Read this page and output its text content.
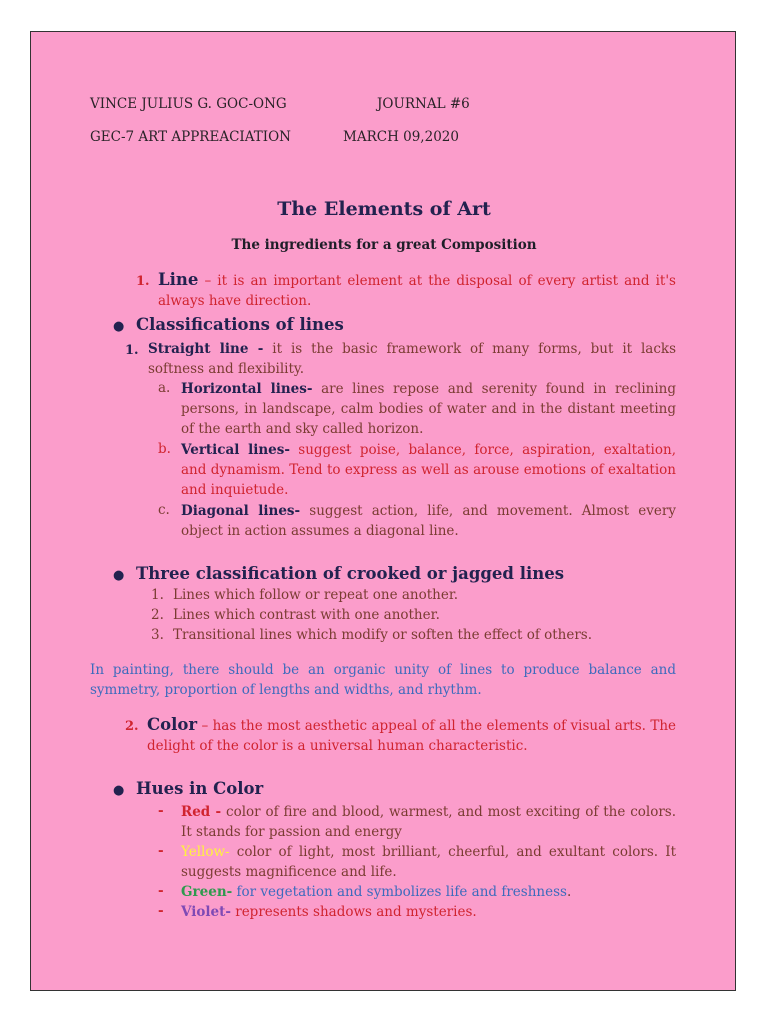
VINCE JULIUS G. GOC-ONG	JOURNAL #6
GEC-7 ART APPREACIATION	MARCH 09,2020
The Elements of Art
The ingredients for a great Composition
1. Line – it is an important element at the disposal of every artist and it's always have direction.
● Classifications of lines
1. Straight line - it is the basic framework of many forms, but it lacks softness and flexibility.
a. Horizontal lines- are lines repose and serenity found in reclining persons, in landscape, calm bodies of water and in the distant meeting of the earth and sky called horizon.
b. Vertical lines- suggest poise, balance, force, aspiration, exaltation, and dynamism. Tend to express as well as arouse emotions of exaltation and inquietude.
c. Diagonal lines- suggest action, life, and movement. Almost every object in action assumes a diagonal line.
● Three classification of crooked or jagged lines
1. Lines which follow or repeat one another.
2. Lines which contrast with one another.
3. Transitional lines which modify or soften the effect of others.
In painting, there should be an organic unity of lines to produce balance and symmetry, proportion of lengths and widths, and rhythm.
2. Color – has the most aesthetic appeal of all the elements of visual arts. The delight of the color is a universal human characteristic.
● Hues in Color
- Red - color of fire and blood, warmest, and most exciting of the colors. It stands for passion and energy
- Yellow- color of light, most brilliant, cheerful, and exultant colors. It suggests magnificence and life.
- Green- for vegetation and symbolizes life and freshness.
- Violet- represents shadows and mysteries.
